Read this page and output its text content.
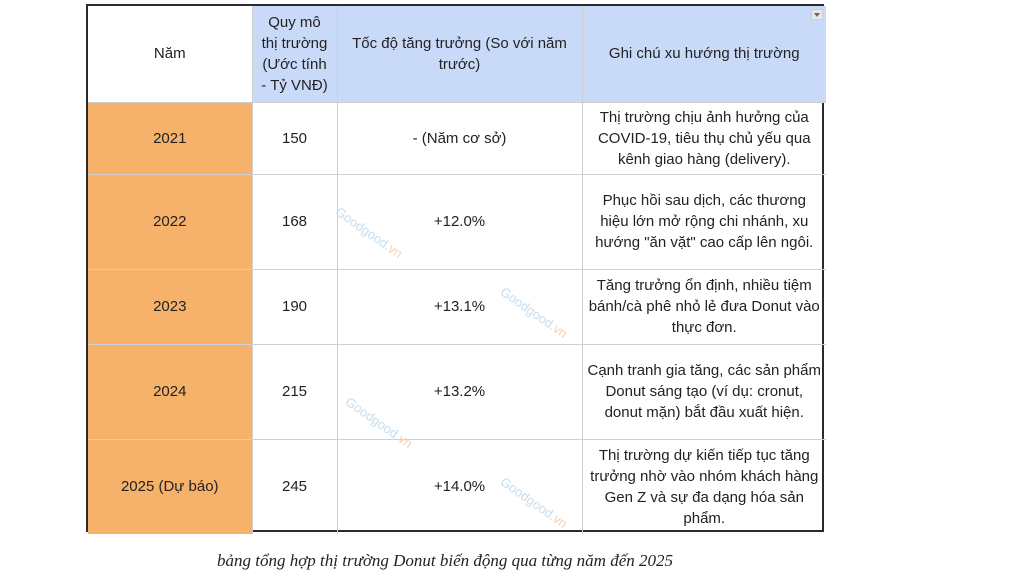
Năm	Quy mô thị trường (Ước tính - Tỷ VNĐ)	Tốc độ tăng trưởng (So với năm trước)	Ghi chú xu hướng thị trường

2021	150	- (Năm cơ sở)	Thị trường chịu ảnh hưởng của COVID-19, tiêu thụ chủ yếu qua kênh giao hàng (delivery).
2022	168	+12.0%	Phục hồi sau dịch, các thương hiệu lớn mở rộng chi nhánh, xu hướng "ăn vặt" cao cấp lên ngôi.
2023	190	+13.1%	Tăng trưởng ổn định, nhiều tiệm bánh/cà phê nhỏ lẻ đưa Donut vào thực đơn.
2024	215	+13.2%	Cạnh tranh gia tăng, các sản phẩm Donut sáng tạo (ví dụ: cronut, donut mặn) bắt đầu xuất hiện.
2025 (Dự báo)	245	+14.0%	Thị trường dự kiến tiếp tục tăng trưởng nhờ vào nhóm khách hàng Gen Z và sự đa dạng hóa sản phẩm.
Goodgood.vn
Goodgood.vn
Goodgood.vn
Goodgood.vn
bảng tổng hợp thị trường Donut biến động qua từng năm đến 2025
